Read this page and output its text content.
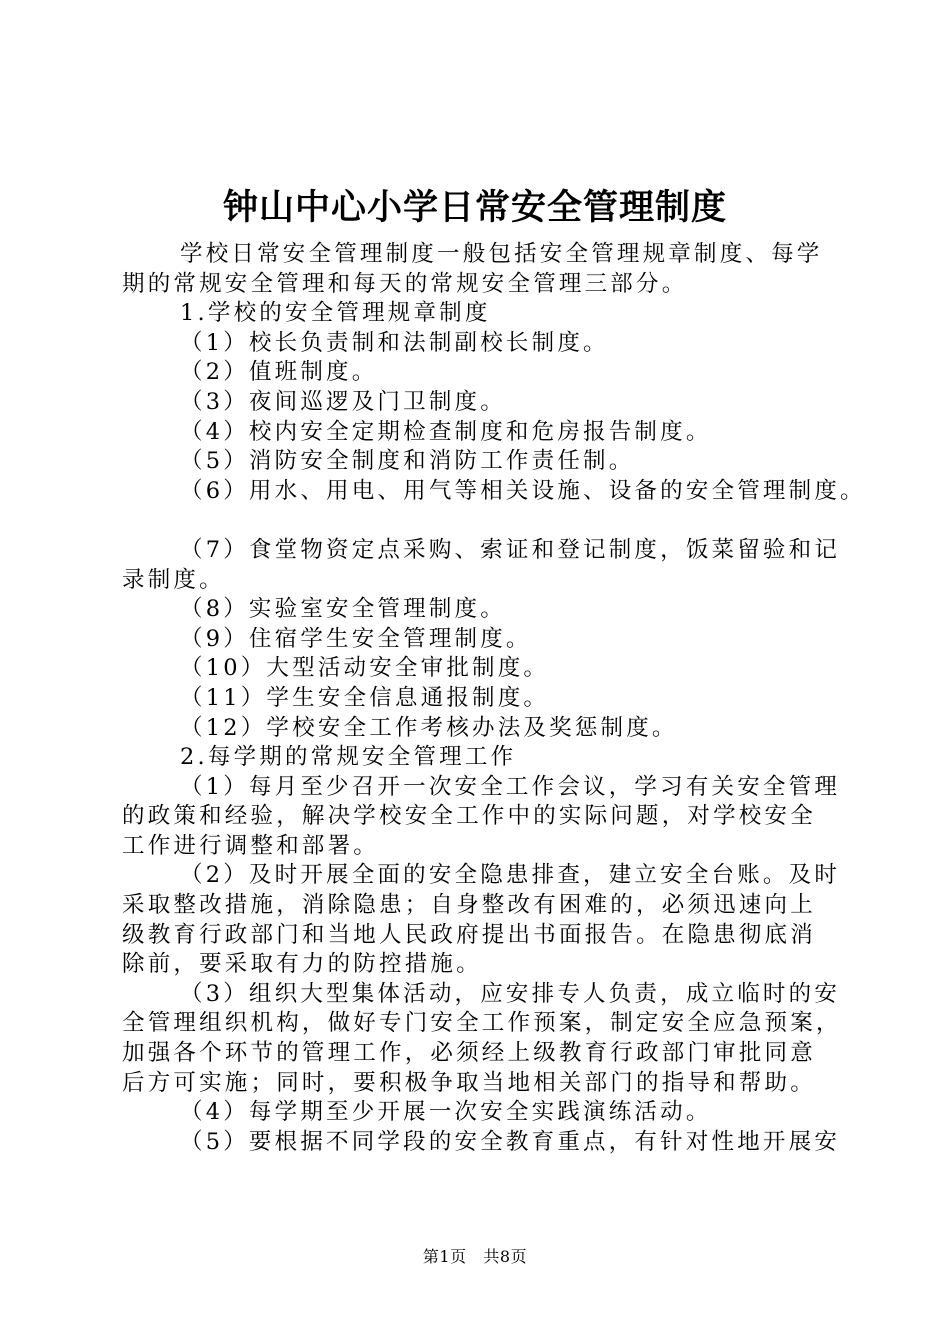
钟山中心小学日常安全管理制度
学校日常安全管理制度一般包括安全管理规章制度、每学
期的常规安全管理和每天的常规安全管理三部分。
1.学校的安全管理规章制度
（1）校长负责制和法制副校长制度。
（2）值班制度。
（3）夜间巡逻及门卫制度。
（4）校内安全定期检查制度和危房报告制度。
（5）消防安全制度和消防工作责任制。
（6）用水、用电、用气等相关设施、设备的安全管理制度。
（7）食堂物资定点采购、索证和登记制度，饭菜留验和记
录制度。
（8）实验室安全管理制度。
（9）住宿学生安全管理制度。
（10）大型活动安全审批制度。
（11）学生安全信息通报制度。
（12）学校安全工作考核办法及奖惩制度。
2.每学期的常规安全管理工作
（1）每月至少召开一次安全工作会议，学习有关安全管理
的政策和经验，解决学校安全工作中的实际问题，对学校安全
工作进行调整和部署。
（2）及时开展全面的安全隐患排查，建立安全台账。及时
采取整改措施，消除隐患；自身整改有困难的，必须迅速向上
级教育行政部门和当地人民政府提出书面报告。在隐患彻底消
除前，要采取有力的防控措施。
（3）组织大型集体活动，应安排专人负责，成立临时的安
全管理组织机构，做好专门安全工作预案，制定安全应急预案，
加强各个环节的管理工作，必须经上级教育行政部门审批同意
后方可实施；同时，要积极争取当地相关部门的指导和帮助。
（4）每学期至少开展一次安全实践演练活动。
（5）要根据不同学段的安全教育重点，有针对性地开展安
第1页 共8页
